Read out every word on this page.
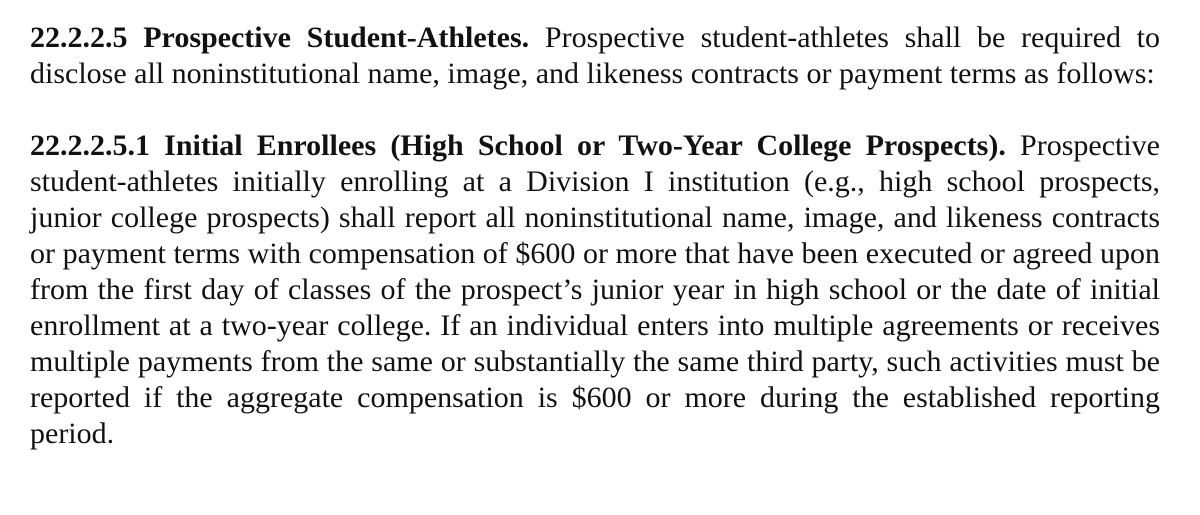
22.2.2.5 Prospective Student-Athletes. Prospective student-athletes shall be required to disclose all noninstitutional name, image, and likeness contracts or payment terms as follows:

22.2.2.5.1 Initial Enrollees (High School or Two-Year College Prospects). Prospective student-athletes initially enrolling at a Division I institution (e.g., high school prospects, junior college prospects) shall report all noninstitutional name, image, and likeness contracts or payment terms with compensation of $600 or more that have been executed or agreed upon from the first day of classes of the prospect’s junior year in high school or the date of initial enrollment at a two-year college. If an individual enters into multiple agreements or receives multiple payments from the same or substantially the same third party, such activities must be reported if the aggregate compensation is $600 or more during the established reporting period.
